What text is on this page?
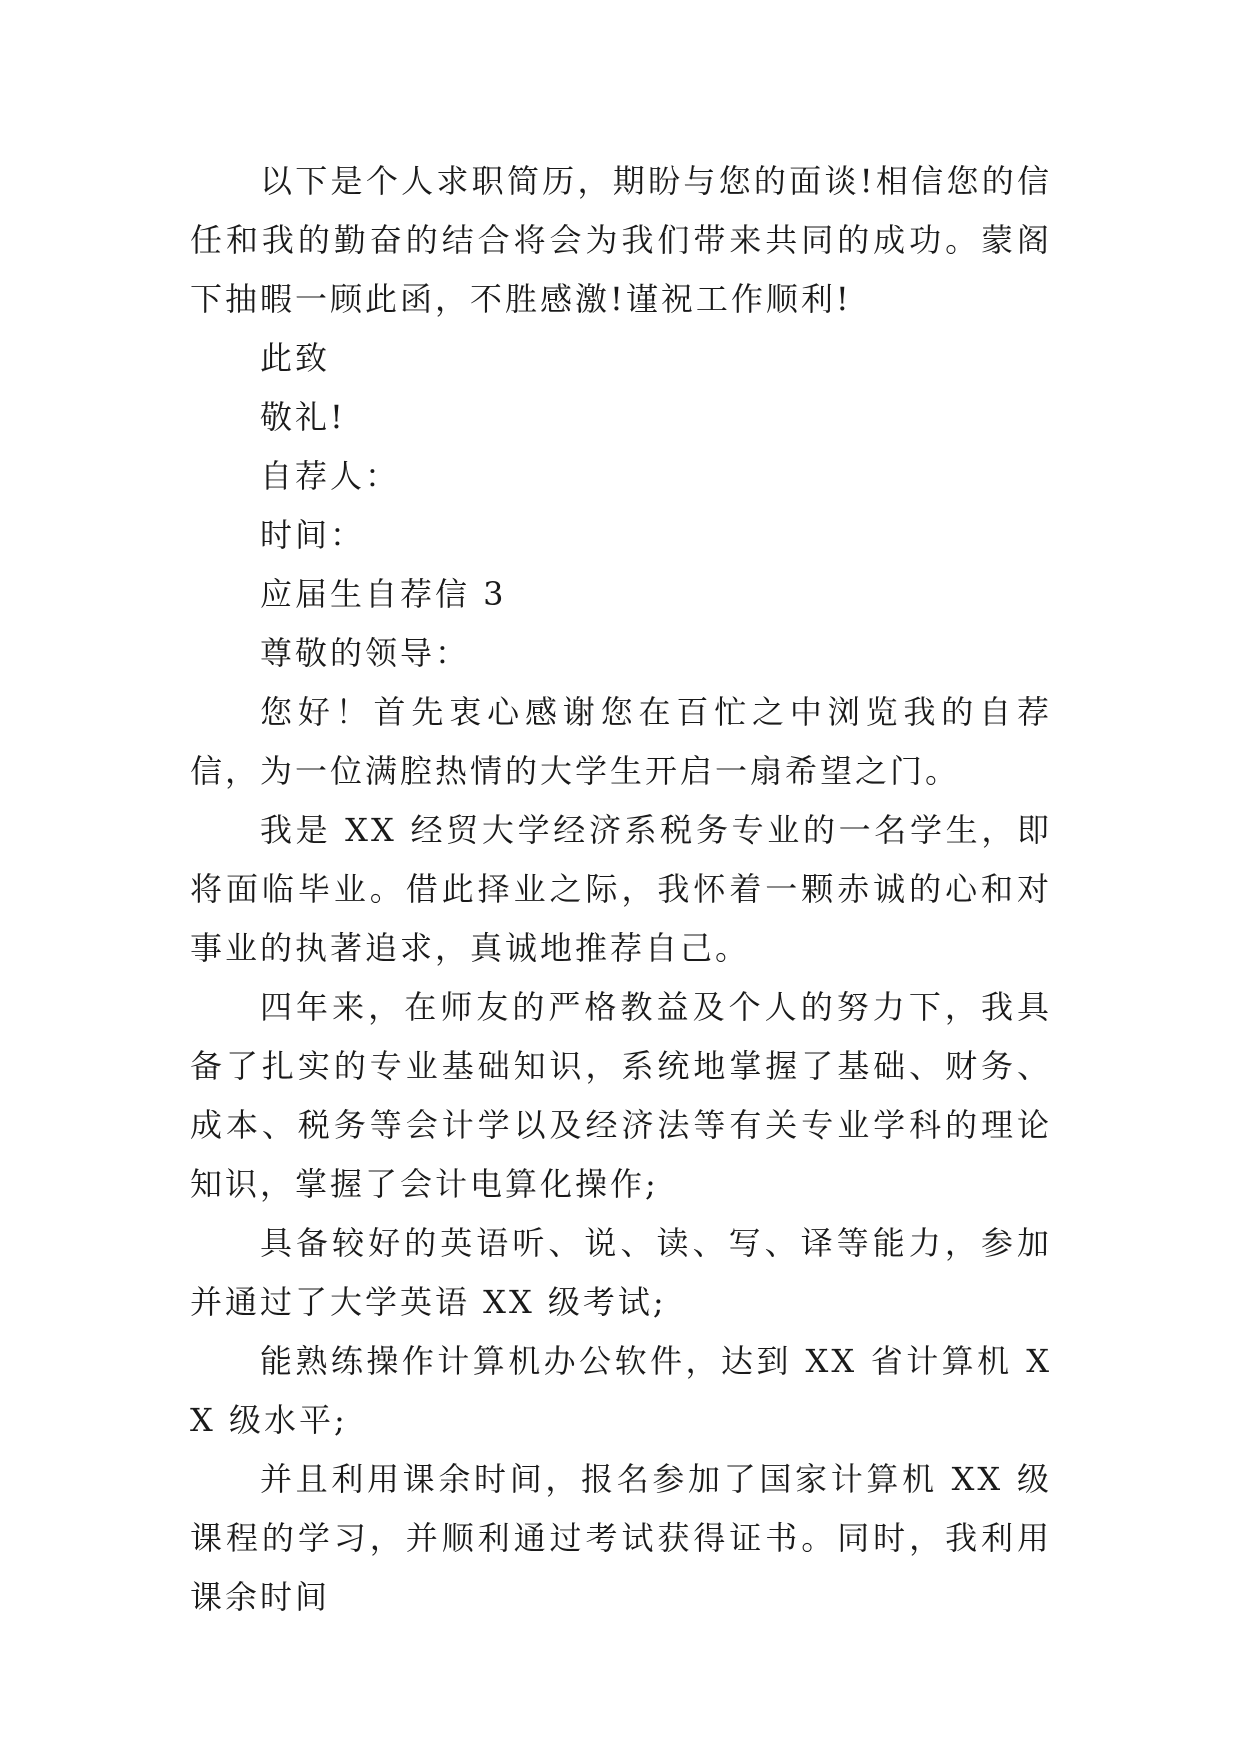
以下是个人求职简历，期盼与您的面谈!相信您的信任和我的勤奋的结合将会为我们带来共同的成功。蒙阁下抽暇一顾此函，不胜感激!谨祝工作顺利!

此致

敬礼!

自荐人：

时间：

应届生自荐信 3

尊敬的领导：

您好！首先衷心感谢您在百忙之中浏览我的自荐信，为一位满腔热情的大学生开启一扇希望之门。

我是 XX 经贸大学经济系税务专业的一名学生，即将面临毕业。借此择业之际，我怀着一颗赤诚的心和对事业的执著追求，真诚地推荐自己。

四年来，在师友的严格教益及个人的努力下，我具备了扎实的专业基础知识，系统地掌握了基础、财务、成本、税务等会计学以及经济法等有关专业学科的理论知识，掌握了会计电算化操作;

具备较好的英语听、说、读、写、译等能力，参加并通过了大学英语 XX 级考试;

能熟练操作计算机办公软件，达到 XX 省计算机 XX 级水平;

并且利用课余时间，报名参加了国家计算机 XX 级课程的学习，并顺利通过考试获得证书。同时，我利用课余时间
